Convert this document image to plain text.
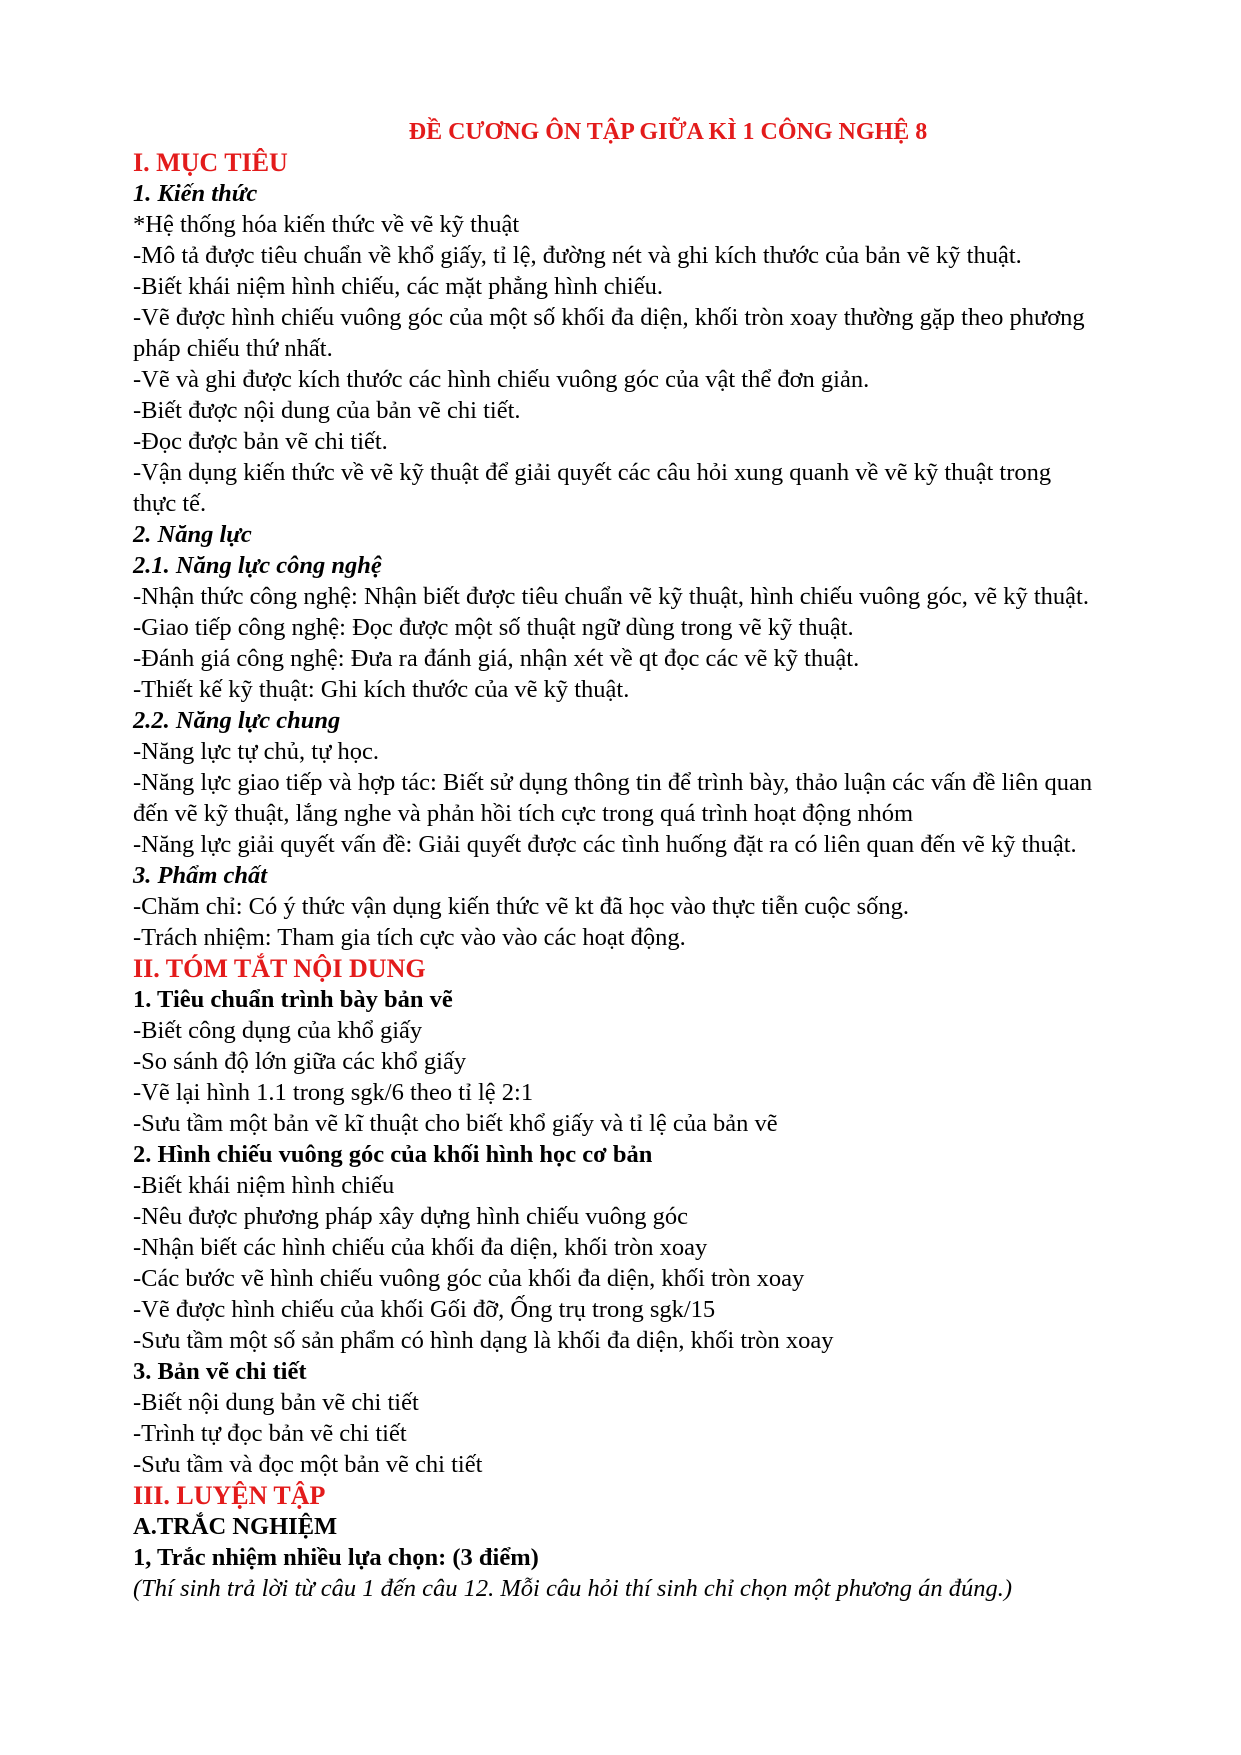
ĐỀ CƯƠNG ÔN TẬP GIỮA KÌ 1 CÔNG NGHỆ 8
I. MỤC TIÊU
1. Kiến thức
*Hệ thống hóa kiến thức về vẽ kỹ thuật
-Mô tả được tiêu chuẩn về khổ giấy, tỉ lệ, đường nét và ghi kích thước của bản vẽ kỹ thuật.
-Biết khái niệm hình chiếu, các mặt phẳng hình chiếu.
-Vẽ được hình chiếu vuông góc của một số khối đa diện, khối tròn xoay thường gặp theo phương
pháp chiếu thứ nhất.
-Vẽ và ghi được kích thước các hình chiếu vuông góc của vật thể đơn giản.
-Biết được nội dung của bản vẽ chi tiết.
-Đọc được bản vẽ chi tiết.
-Vận dụng kiến thức về vẽ kỹ thuật để giải quyết các câu hỏi xung quanh về vẽ kỹ thuật trong
thực tế.
2. Năng lực
2.1. Năng lực công nghệ
-Nhận thức công nghệ: Nhận biết được tiêu chuẩn vẽ kỹ thuật, hình chiếu vuông góc, vẽ kỹ thuật.
-Giao tiếp công nghệ: Đọc được một số thuật ngữ dùng trong vẽ kỹ thuật.
-Đánh giá công nghệ: Đưa ra đánh giá, nhận xét về qt đọc các vẽ kỹ thuật.
-Thiết kế kỹ thuật: Ghi kích thước của vẽ kỹ thuật.
2.2. Năng lực chung
-Năng lực tự chủ, tự học.
-Năng lực giao tiếp và hợp tác: Biết sử dụng thông tin để trình bày, thảo luận các vấn đề liên quan
đến vẽ kỹ thuật, lắng nghe và phản hồi tích cực trong quá trình hoạt động nhóm
-Năng lực giải quyết vấn đề: Giải quyết được các tình huống đặt ra có liên quan đến vẽ kỹ thuật.
3. Phẩm chất
-Chăm chỉ: Có ý thức vận dụng kiến thức vẽ kt đã học vào thực tiễn cuộc sống.
-Trách nhiệm: Tham gia tích cực vào vào các hoạt động.
II. TÓM TẮT NỘI DUNG
1. Tiêu chuẩn trình bày bản vẽ
-Biết công dụng của khổ giấy
-So sánh độ lớn giữa các khổ giấy
-Vẽ lại hình 1.1 trong sgk/6 theo tỉ lệ 2:1
-Sưu tầm một bản vẽ kĩ thuật cho biết khổ giấy và tỉ lệ của bản vẽ
2. Hình chiếu vuông góc của khối hình học cơ bản
-Biết khái niệm hình chiếu
-Nêu được phương pháp xây dựng hình chiếu vuông góc
-Nhận biết các hình chiếu của khối đa diện, khối tròn xoay
-Các bước vẽ hình chiếu vuông góc của khối đa diện, khối tròn xoay
-Vẽ được hình chiếu của khối Gối đỡ, Ống trụ trong sgk/15
-Sưu tầm một số sản phẩm có hình dạng là khối đa diện, khối tròn xoay
3. Bản vẽ chi tiết
-Biết nội dung bản vẽ chi tiết
-Trình tự đọc bản vẽ chi tiết
-Sưu tầm và đọc một bản vẽ chi tiết
III. LUYỆN TẬP
A.TRẮC NGHIỆM
1, Trắc nhiệm nhiều lựa chọn: (3 điểm)
(Thí sinh trả lời từ câu 1 đến câu 12. Mỗi câu hỏi thí sinh chỉ chọn một phương án đúng.)
